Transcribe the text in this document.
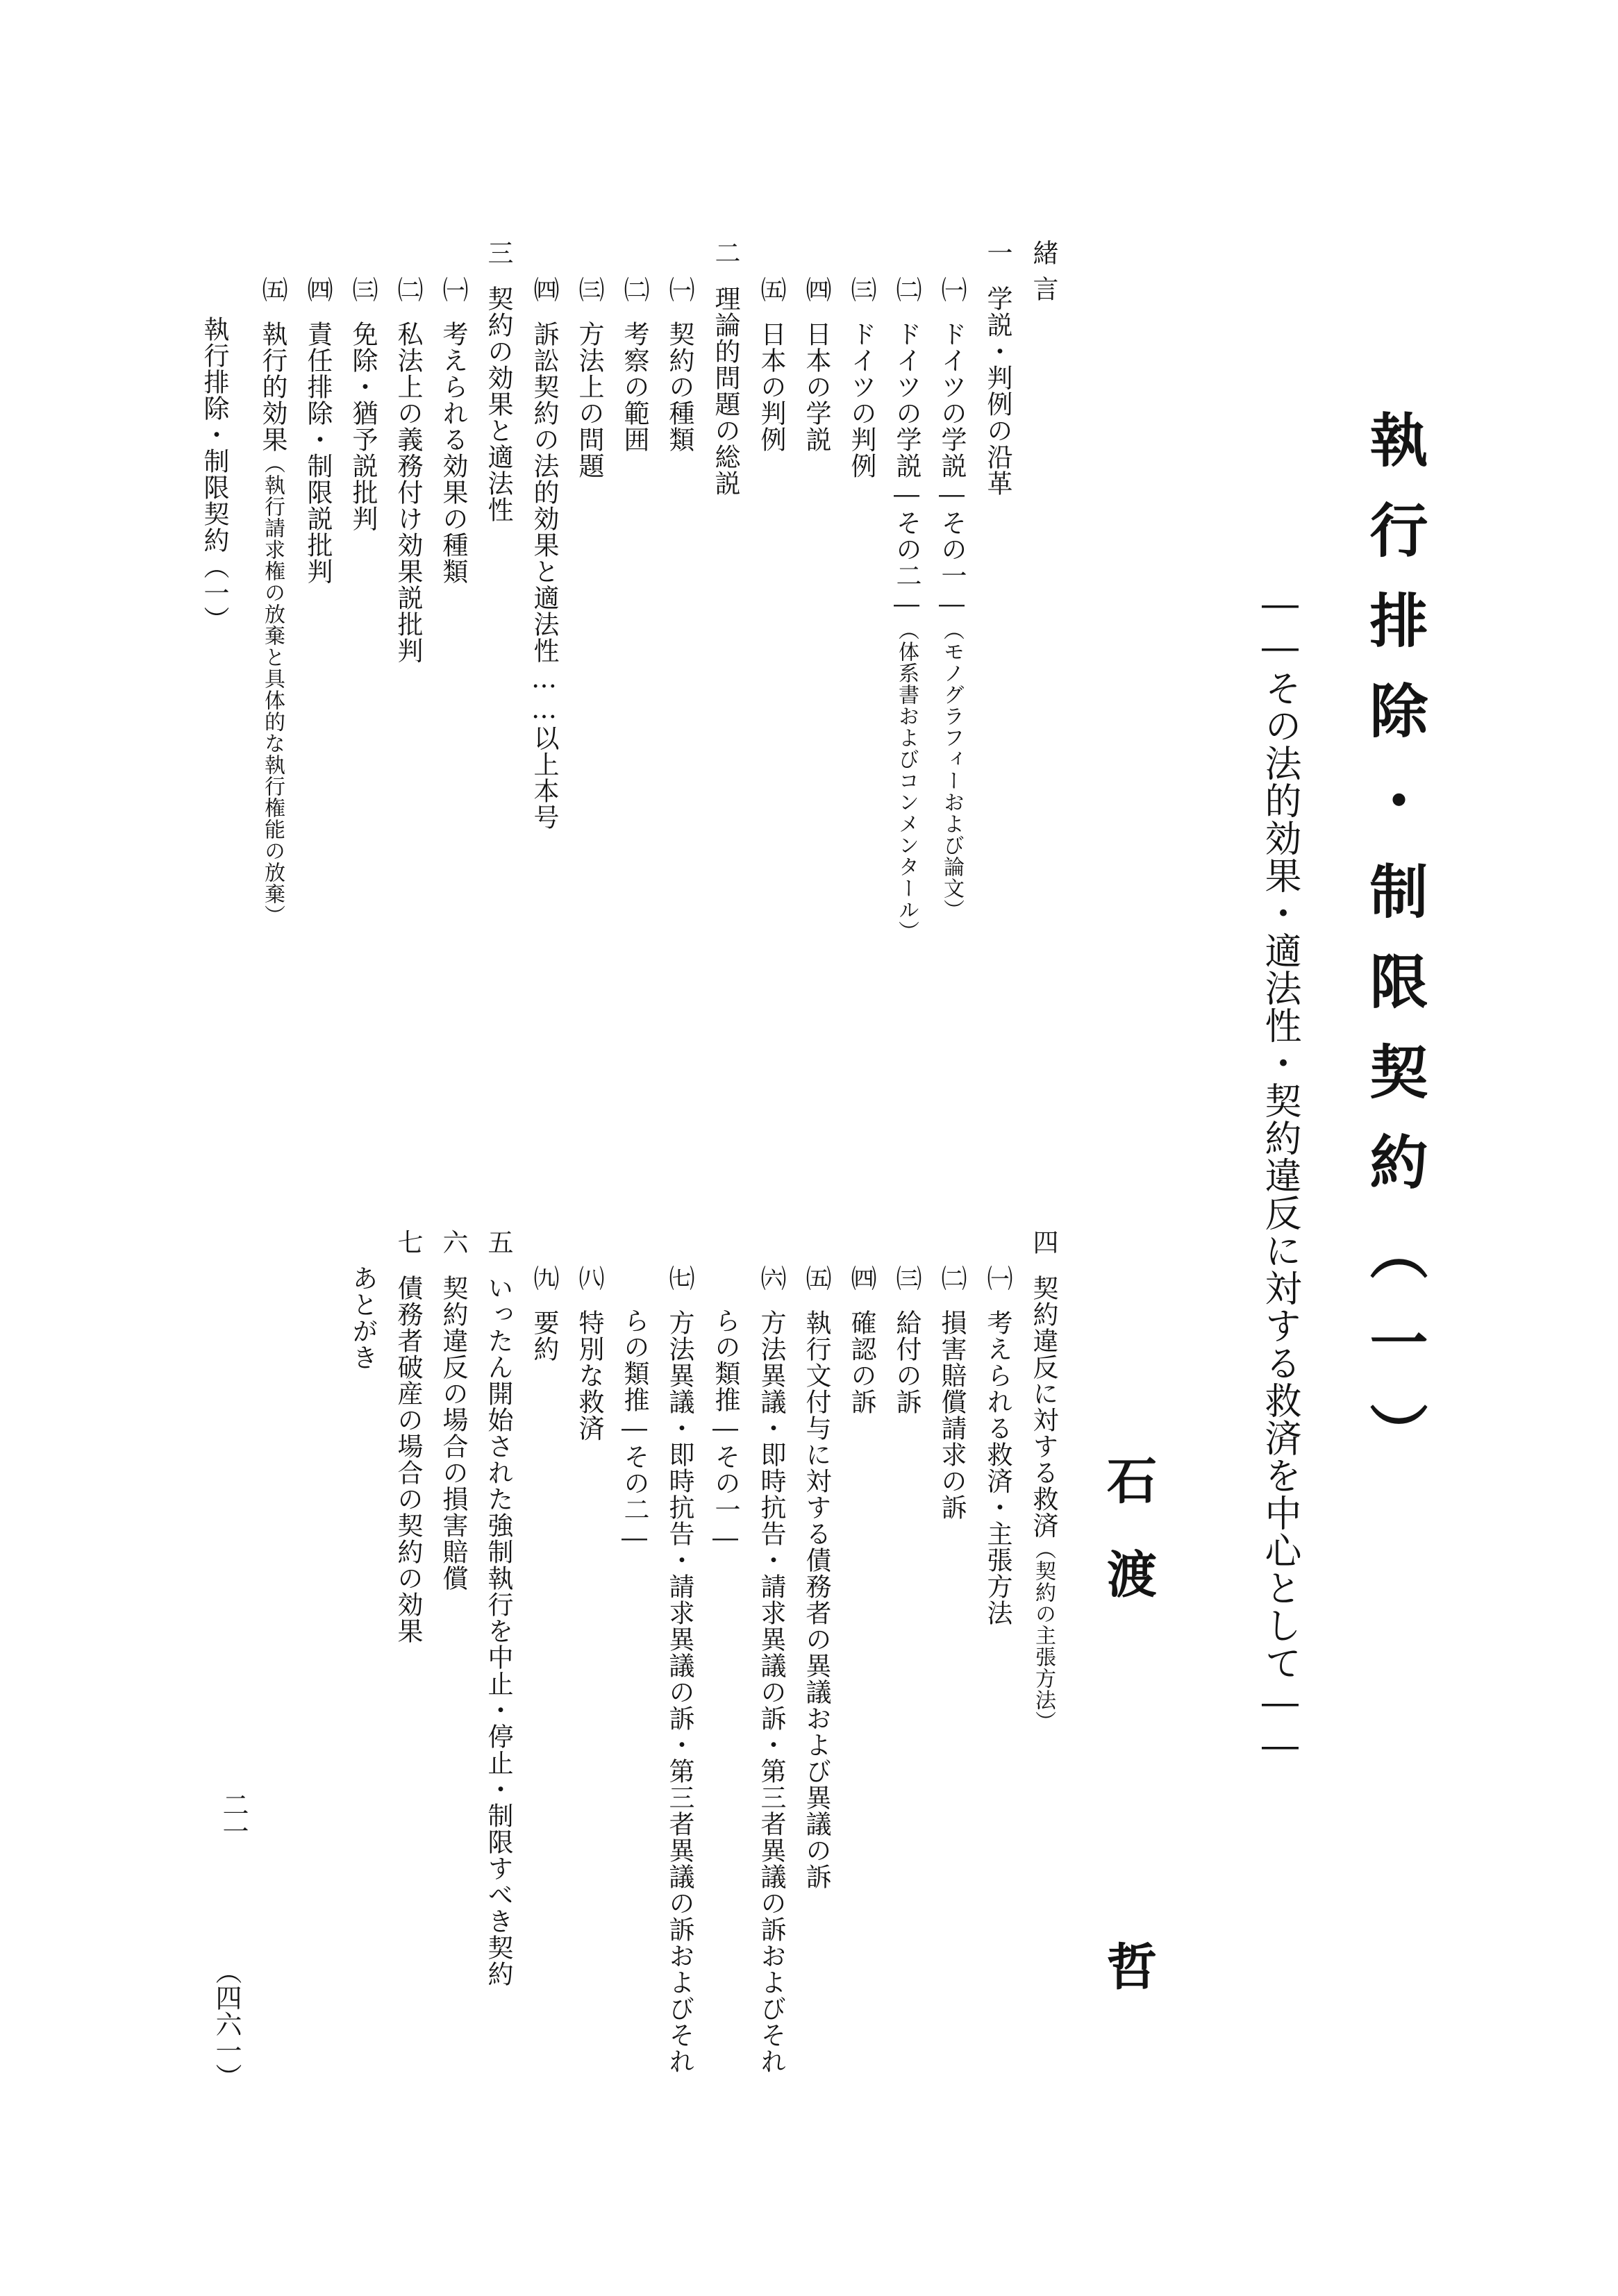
執行排除・制限契約（一）
――その法的効果・適法性・契約違反に対する救済を中心として――
石
渡
哲
緒言
一学説・判例の沿革
㈠ドイツの学説―その一―（モノグラフィーおよび論文）
㈡ドイツの学説―その二―（体系書およびコンメンタール）
㈢ドイツの判例
㈣日本の学説
㈤日本の判例
二理論的問題の総説
㈠契約の種類
㈡考察の範囲
㈢方法上の問題
㈣訴訟契約の法的効果と適法性……以上本号
三契約の効果と適法性
㈠考えられる効果の種類
㈡私法上の義務付け効果説批判
㈢免除・猶予説批判
㈣責任排除・制限説批判
㈤執行的効果（執行請求権の放棄と具体的な執行権能の放棄）
執行排除・制限契約（一）
四契約違反に対する救済（契約の主張方法）
㈠考えられる救済・主張方法
㈡損害賠償請求の訴
㈢給付の訴
㈣確認の訴
㈤執行文付与に対する債務者の異議および異議の訴
㈥方法異議・即時抗告・請求異議の訴・第三者異議の訴およびそれ
らの類推―その一―
㈦方法異議・即時抗告・請求異議の訴・第三者異議の訴およびそれ
らの類推―その二―
㈧特別な救済
㈨要約
五いったん開始された強制執行を中止・停止・制限すべき契約
六契約違反の場合の損害賠償
七債務者破産の場合の契約の効果
あとがき
二一
（四六一）
